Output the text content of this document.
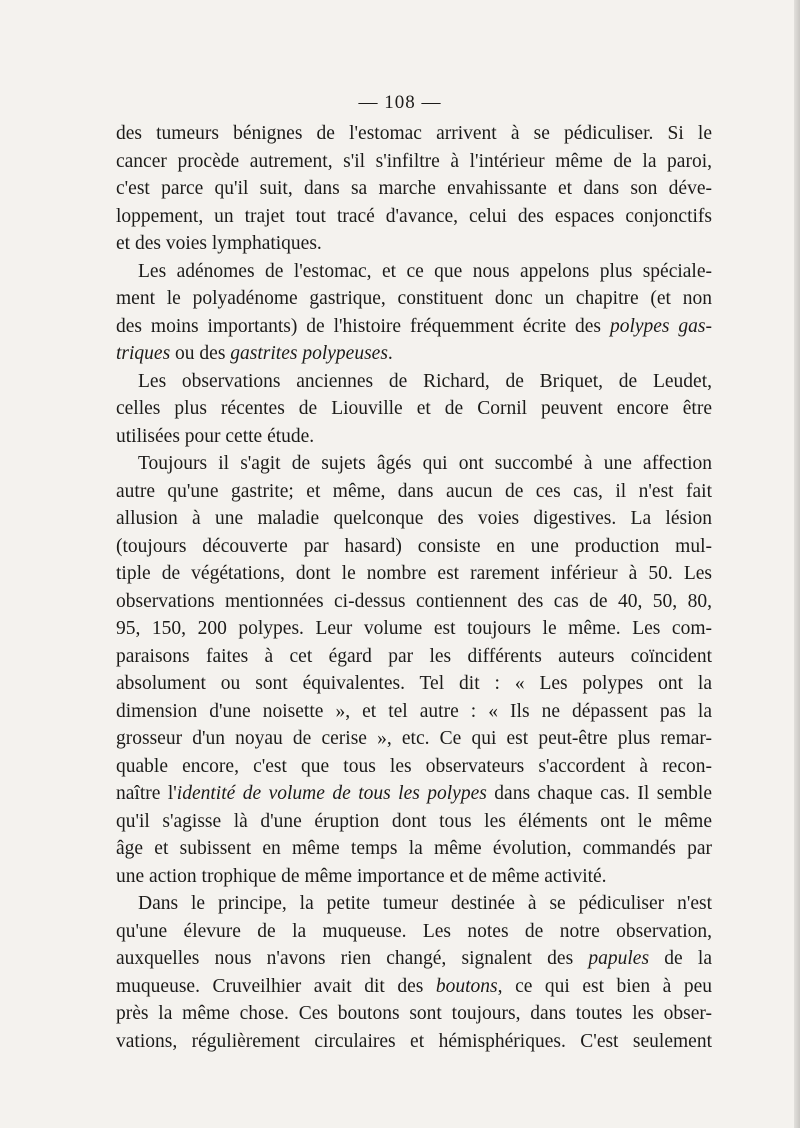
— 108 —
des tumeurs bénignes de l'estomac arrivent à se pédiculiser. Si le
cancer procède autrement, s'il s'infiltre à l'intérieur même de la paroi,
c'est parce qu'il suit, dans sa marche envahissante et dans son déve-
loppement, un trajet tout tracé d'avance, celui des espaces conjonctifs
et des voies lymphatiques.
Les adénomes de l'estomac, et ce que nous appelons plus spéciale-
ment le polyadénome gastrique, constituent donc un chapitre (et non
des moins importants) de l'histoire fréquemment écrite des polypes gas-
triques ou des gastrites polypeuses.
Les observations anciennes de Richard, de Briquet, de Leudet,
celles plus récentes de Liouville et de Cornil peuvent encore être
utilisées pour cette étude.
Toujours il s'agit de sujets âgés qui ont succombé à une affection
autre qu'une gastrite; et même, dans aucun de ces cas, il n'est fait
allusion à une maladie quelconque des voies digestives. La lésion
(toujours découverte par hasard) consiste en une production mul-
tiple de végétations, dont le nombre est rarement inférieur à 50. Les
observations mentionnées ci-dessus contiennent des cas de 40, 50, 80,
95, 150, 200 polypes. Leur volume est toujours le même. Les com-
paraisons faites à cet égard par les différents auteurs coïncident
absolument ou sont équivalentes. Tel dit : « Les polypes ont la
dimension d'une noisette », et tel autre : « Ils ne dépassent pas la
grosseur d'un noyau de cerise », etc. Ce qui est peut-être plus remar-
quable encore, c'est que tous les observateurs s'accordent à recon-
naître l'identité de volume de tous les polypes dans chaque cas. Il semble
qu'il s'agisse là d'une éruption dont tous les éléments ont le même
âge et subissent en même temps la même évolution, commandés par
une action trophique de même importance et de même activité.
Dans le principe, la petite tumeur destinée à se pédiculiser n'est
qu'une élevure de la muqueuse. Les notes de notre observation,
auxquelles nous n'avons rien changé, signalent des papules de la
muqueuse. Cruveilhier avait dit des boutons, ce qui est bien à peu
près la même chose. Ces boutons sont toujours, dans toutes les obser-
vations, régulièrement circulaires et hémisphériques. C'est seulement
